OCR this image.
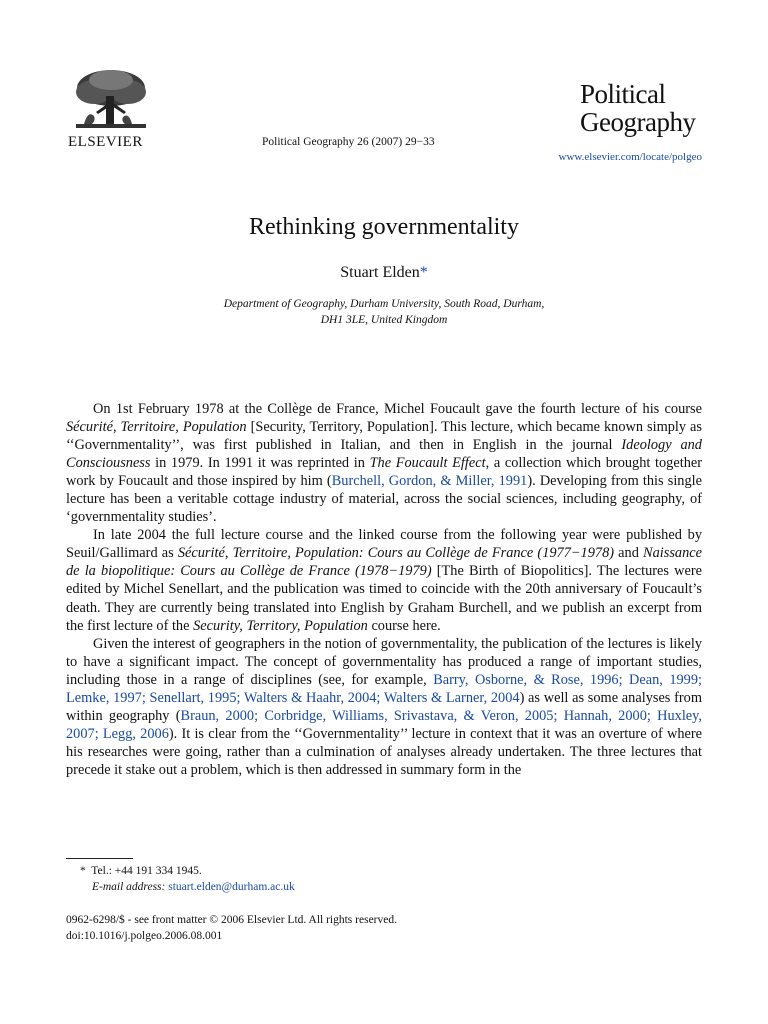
ELSEVIER	Political Geography 26 (2007) 29−33
Political
Geography
www.elsevier.com/locate/polgeo
Rethinking governmentality
Stuart Elden*
Department of Geography, Durham University, South Road, Durham,
DH1 3LE, United Kingdom

On 1st February 1978 at the Collège de France, Michel Foucault gave the fourth lecture of his course Sécurité, Territoire, Population [Security, Territory, Population]. This lecture, which became known simply as ‘‘Governmentality’’, was first published in Italian, and then in English in the journal Ideology and Consciousness in 1979. In 1991 it was reprinted in The Foucault Effect, a collection which brought together work by Foucault and those inspired by him (Burchell, Gordon, & Miller, 1991). Developing from this single lecture has been a veritable cottage industry of material, across the social sciences, including geography, of ‘governmentality studies’.

In late 2004 the full lecture course and the linked course from the following year were published by Seuil/Gallimard as Sécurité, Territoire, Population: Cours au Collège de France (1977−1978) and Naissance de la biopolitique: Cours au Collège de France (1978−1979) [The Birth of Biopolitics]. The lectures were edited by Michel Senellart, and the publication was timed to coincide with the 20th anniversary of Foucault’s death. They are currently being translated into English by Graham Burchell, and we publish an excerpt from the first lecture of the Security, Territory, Population course here.

Given the interest of geographers in the notion of governmentality, the publication of the lectures is likely to have a significant impact. The concept of governmentality has produced a range of important studies, including those in a range of disciplines (see, for example, Barry, Osborne, & Rose, 1996; Dean, 1999; Lemke, 1997; Senellart, 1995; Walters & Haahr, 2004; Walters & Larner, 2004) as well as some analyses from within geography (Braun, 2000; Corbridge, Williams, Srivastava, & Veron, 2005; Hannah, 2000; Huxley, 2007; Legg, 2006). It is clear from the ‘‘Governmentality’’ lecture in context that it was an overture of where his researches were going, rather than a culmination of analyses already undertaken. The three lectures that precede it stake out a problem, which is then addressed in summary form in the

* Tel.: +44 191 334 1945.
E-mail address: stuart.elden@durham.ac.uk
0962-6298/$ - see front matter © 2006 Elsevier Ltd. All rights reserved.
doi:10.1016/j.polgeo.2006.08.001
